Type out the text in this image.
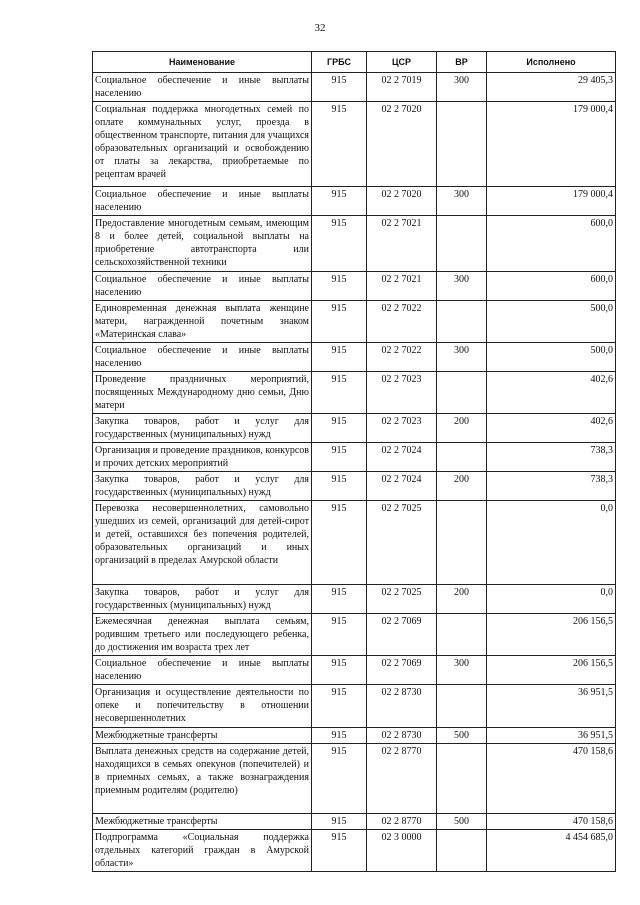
32
Наименование	ГРБС	ЦСР	ВР	Исполнено
Социальное обеспечение и иные выплаты населению	915	02 2 7019	300	29 405,3
Социальная поддержка многодетных семей по оплате коммунальных услуг, проезда в общественном транспорте, питания для учащихся образовательных организаций и освобождению от платы за лекарства, приобретаемые по рецептам врачей	915	02 2 7020		179 000,4
Социальное обеспечение и иные выплаты населению	915	02 2 7020	300	179 000,4
Предоставление многодетным семьям, имеющим 8 и более детей, социальной выплаты на приобретение автотранспорта или сельскохозяйственной техники	915	02 2 7021		600,0
Социальное обеспечение и иные выплаты населению	915	02 2 7021	300	600,0
Единовременная денежная выплата женщине матери, награжденной почетным знаком «Материнская слава»	915	02 2 7022		500,0
Социальное обеспечение и иные выплаты населению	915	02 2 7022	300	500,0
Проведение праздничных мероприятий, посвященных Международному дню семьи, Дню матери	915	02 2 7023		402,6
Закупка товаров, работ и услуг для государственных (муниципальных) нужд	915	02 2 7023	200	402,6
Организация и проведение праздников, конкурсов и прочих детских мероприятий	915	02 2 7024		738,3
Закупка товаров, работ и услуг для государственных (муниципальных) нужд	915	02 2 7024	200	738,3
Перевозка несовершеннолетних, самовольно ушедших из семей, организаций для детей-сирот и детей, оставшихся без попечения родителей, образовательных организаций и иных организаций в пределах Амурской области	915	02 2 7025		0,0
Закупка товаров, работ и услуг для государственных (муниципальных) нужд	915	02 2 7025	200	0,0
Ежемесячная денежная выплата семьям, родившим третьего или последующего ребенка, до достижения им возраста трех лет	915	02 2 7069		206 156,5
Социальное обеспечение и иные выплаты населению	915	02 2 7069	300	206 156,5
Организация и осуществление деятельности по опеке и попечительству в отношении несовершеннолетних	915	02 2 8730		36 951,5
Межбюджетные трансферты	915	02 2 8730	500	36 951,5
Выплата денежных средств на содержание детей, находящихся в семьях опекунов (попечителей) и в приемных семьях, а также вознаграждения приемным родителям (родителю)	915	02 2 8770		470 158,6
Межбюджетные трансферты	915	02 2 8770	500	470 158,6
Подпрограмма «Социальная поддержка отдельных категорий граждан в Амурской области»	915	02 3 0000		4 454 685,0
